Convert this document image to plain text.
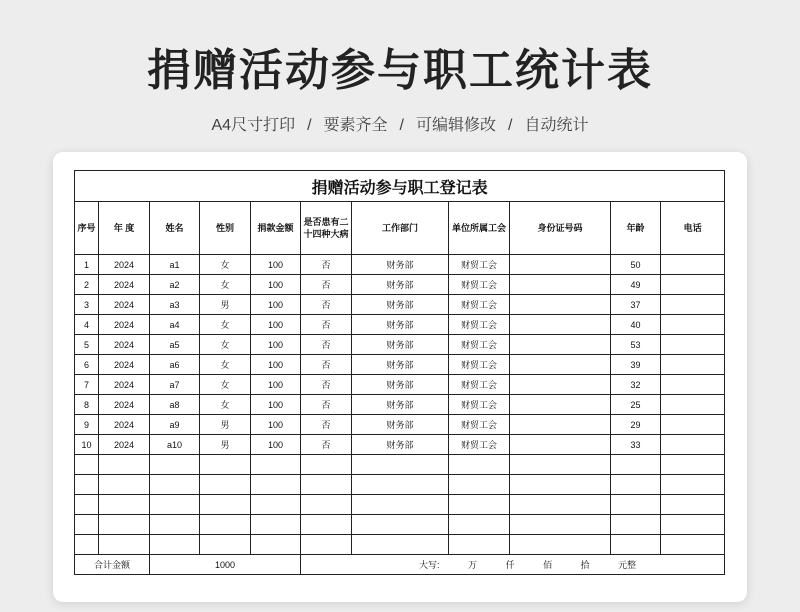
捐赠活动参与职工统计表
A4尺寸打印 / 要素齐全 / 可编辑修改 / 自动统计
捐赠活动参与职工登记表										
序号	年 度	姓名	性别	捐款金额	是否患有二十四种大病	工作部门	单位所属工会	身份证号码	年龄	电话
1	2024	a1	女	100	否	财务部	财贸工会		50	
2	2024	a2	女	100	否	财务部	财贸工会		49	
3	2024	a3	男	100	否	财务部	财贸工会		37	
4	2024	a4	女	100	否	财务部	财贸工会		40	
5	2024	a5	女	100	否	财务部	财贸工会		53	
6	2024	a6	女	100	否	财务部	财贸工会		39	
7	2024	a7	女	100	否	财务部	财贸工会		32	
8	2024	a8	女	100	否	财务部	财贸工会		25	
9	2024	a9	男	100	否	财务部	财贸工会		29	
10	2024	a10	男	100	否	财务部	财贸工会		33	

合计金额		1000			大写: 万 仟 佰 拾 元整					
